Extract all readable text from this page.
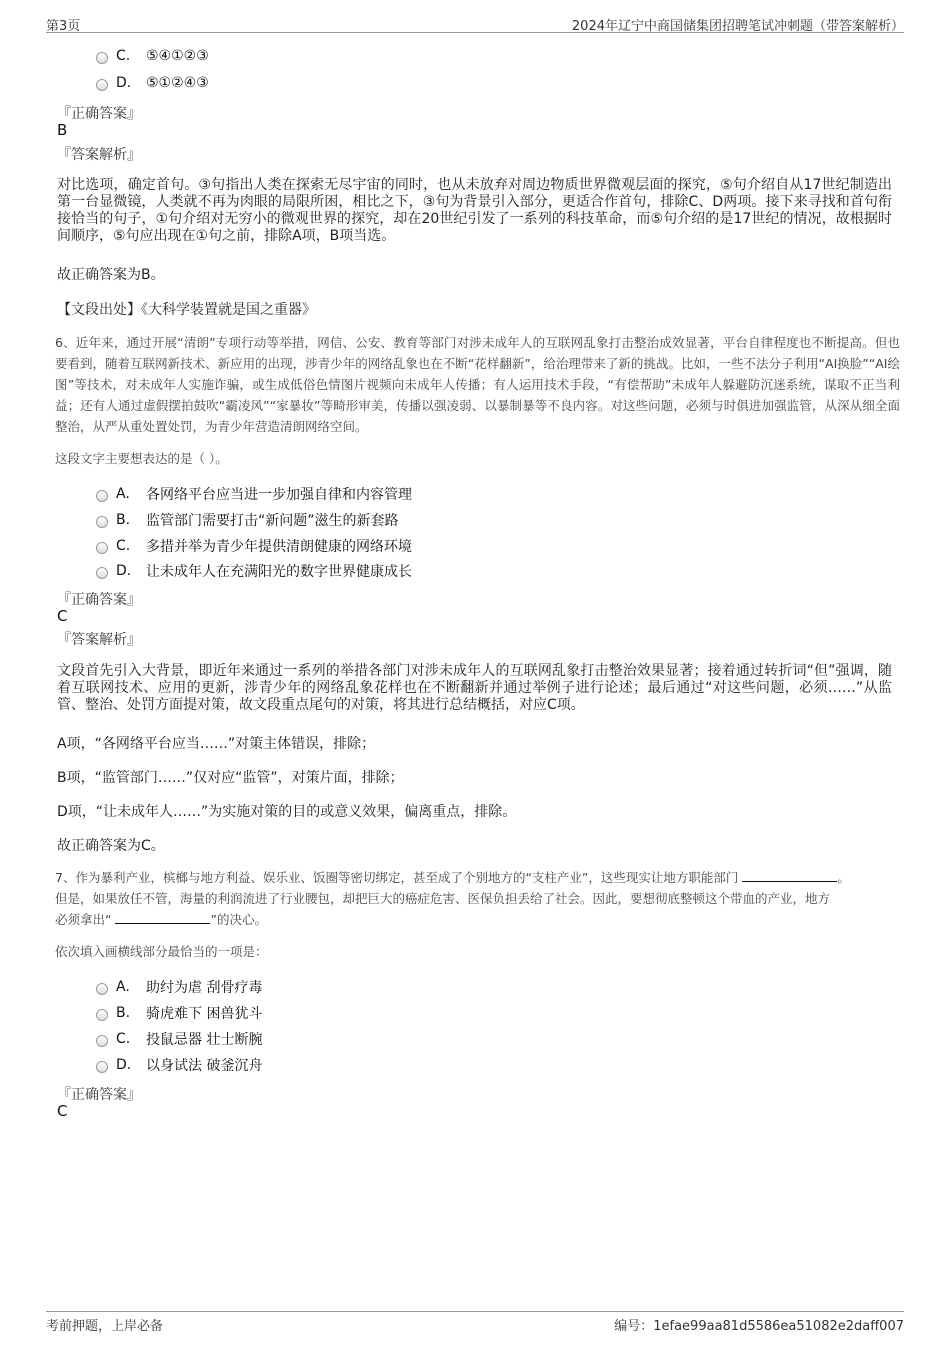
第3页	2024年辽宁中商国储集团招聘笔试冲刺题（带答案解析）
C.	⑤④①②③
D.	⑤①②④③
『正确答案』
B
『答案解析』
对比选项，确定首句。③句指出人类在探索无尽宇宙的同时，也从未放弃对周边物质世界微观层面的探究，⑤句介绍自从17世纪制造出第一台显微镜，人类就不再为肉眼的局限所困，相比之下，③句为背景引入部分，更适合作首句，排除C、D两项。接下来寻找和首句衔接恰当的句子，①句介绍对无穷小的微观世界的探究，却在20世纪引发了一系列的科技革命，而⑤句介绍的是17世纪的情况，故根据时间顺序，⑤句应出现在①句之前，排除A项，B项当选。
故正确答案为B。
【文段出处】《大科学装置就是国之重器》
6、近年来，通过开展“清朗”专项行动等举措，网信、公安、教育等部门对涉未成年人的互联网乱象打击整治成效显著，平台自律程度也不断提高。但也要看到，随着互联网新技术、新应用的出现，涉青少年的网络乱象也在不断“花样翻新”，给治理带来了新的挑战。比如，一些不法分子利用“AI换脸”“AI绘图”等技术，对未成年人实施诈骗，或生成低俗色情图片视频向未成年人传播；有人运用技术手段，“有偿帮助”未成年人躲避防沉迷系统，谋取不正当利益；还有人通过虚假摆拍鼓吹“霸凌风”“家暴妆”等畸形审美，传播以强凌弱、以暴制暴等不良内容。对这些问题，必须与时俱进加强监管，从深从细全面整治，从严从重处置处罚，为青少年营造清朗网络空间。
这段文字主要想表达的是（ ）。
A.	各网络平台应当进一步加强自律和内容管理
B.	监管部门需要打击“新问题”滋生的新套路
C.	多措并举为青少年提供清朗健康的网络环境
D.	让未成年人在充满阳光的数字世界健康成长
『正确答案』
C
『答案解析』
文段首先引入大背景，即近年来通过一系列的举措各部门对涉未成年人的互联网乱象打击整治效果显著；接着通过转折词“但”强调，随着互联网技术、应用的更新，涉青少年的网络乱象花样也在不断翻新并通过举例子进行论述；最后通过“对这些问题，必须……”从监管、整治、处罚方面提对策，故文段重点尾句的对策，将其进行总结概括，对应C项。
A项，“各网络平台应当……”对策主体错误，排除；
B项，“监管部门……”仅对应“监管”，对策片面，排除；
D项，“让未成年人……”为实施对策的目的或意义效果，偏离重点，排除。
故正确答案为C。
7、作为暴利产业，槟榔与地方利益、娱乐业、饭圈等密切绑定，甚至成了个别地方的“支柱产业”，这些现实让地方职能部门	。
但是，如果放任不管，海量的利润流进了行业腰包，却把巨大的癌症危害、医保负担丢给了社会。因此，要想彻底整顿这个带血的产业，地方
必须拿出“	”的决心。
依次填入画横线部分最恰当的一项是：
A.	助纣为虐 刮骨疗毒
B.	骑虎难下 困兽犹斗
C.	投鼠忌器 壮士断腕
D.	以身试法 破釜沉舟
『正确答案』
C
考前押题，上岸必备	编号：1efae99aa81d5586ea51082e2daff007
